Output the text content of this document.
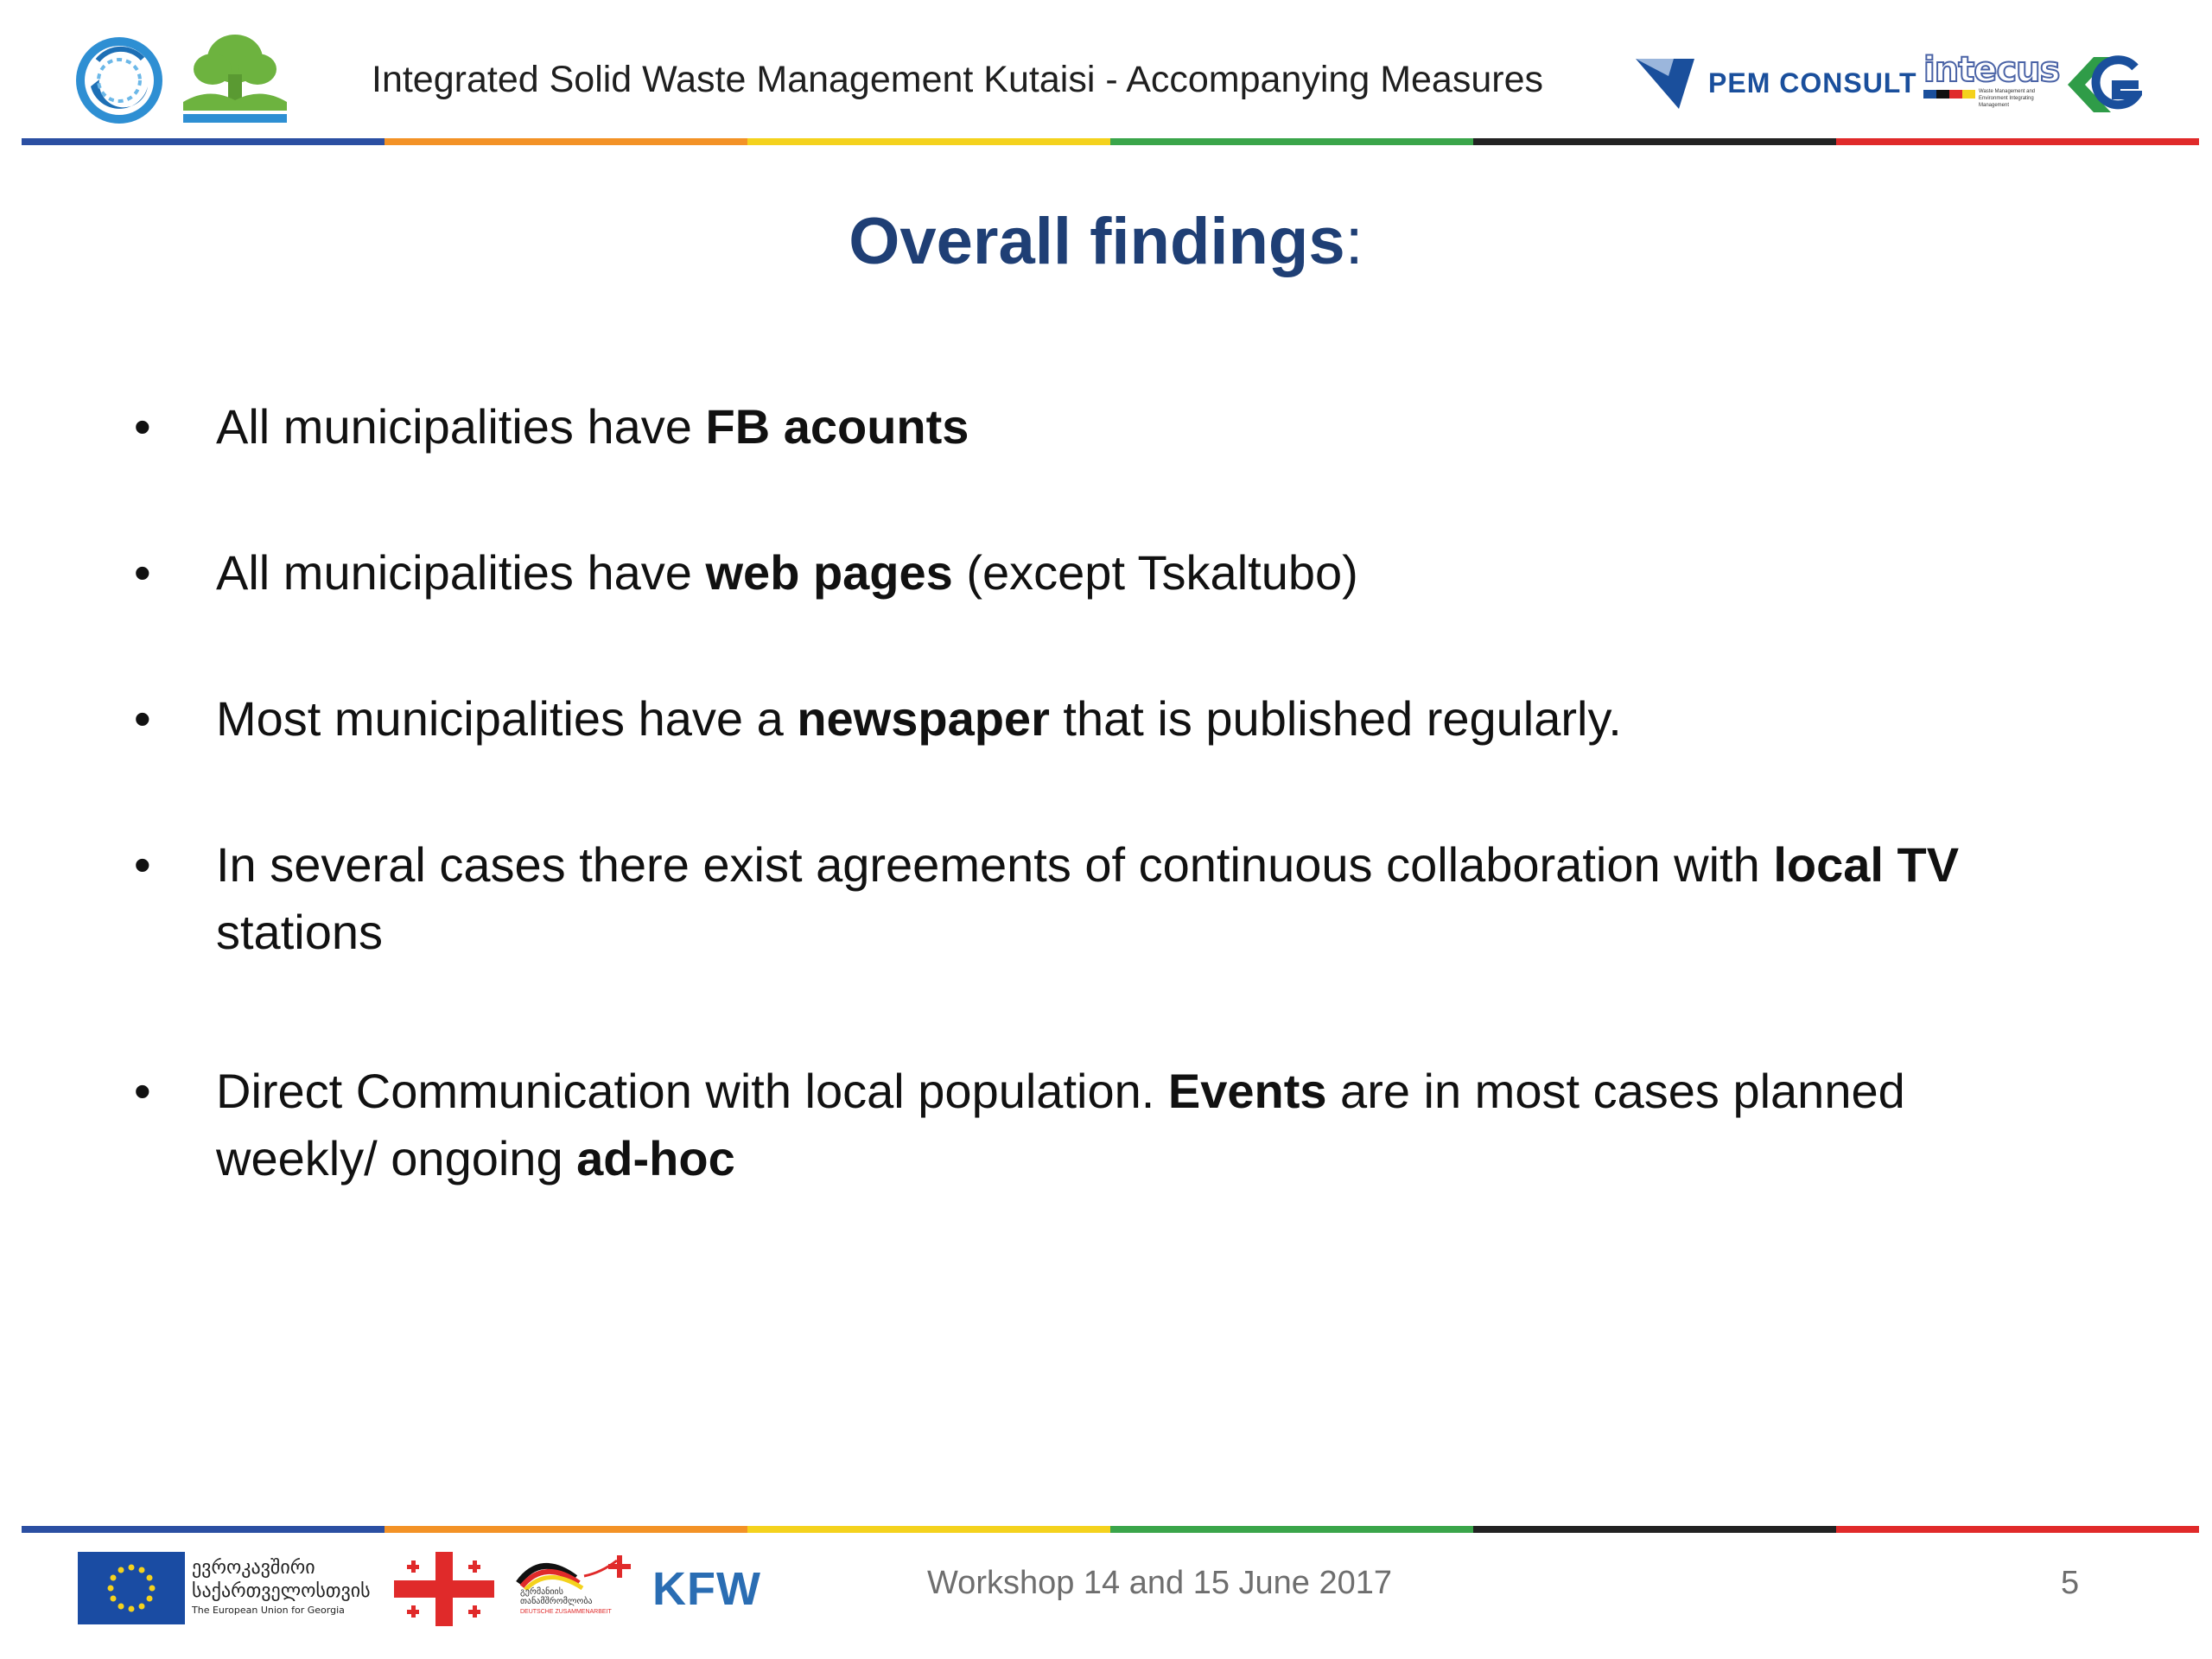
Integrated Solid Waste Management Kutaisi - Accompanying Measures	PEM CONSULT intecus
Waste Management and Environment Integrating Management
Overall findings:
•	All municipalities have FB acounts
•	All municipalities have web pages (except Tskaltubo)
•	Most municipalities have a newspaper that is published regularly.
•	In several cases there exist agreements of continuous collaboration with local TV
stations
•	Direct Communication with local population. Events are in most cases planned
weekly/ ongoing ad-hoc
ევროკავშირი
საქართველოსთვის
The European Union for Georgia
გერმანიის თანამშრომლობა
DEUTSCHE ZUSAMMENARBEIT KFW	Workshop 14 and 15 June 2017	5
